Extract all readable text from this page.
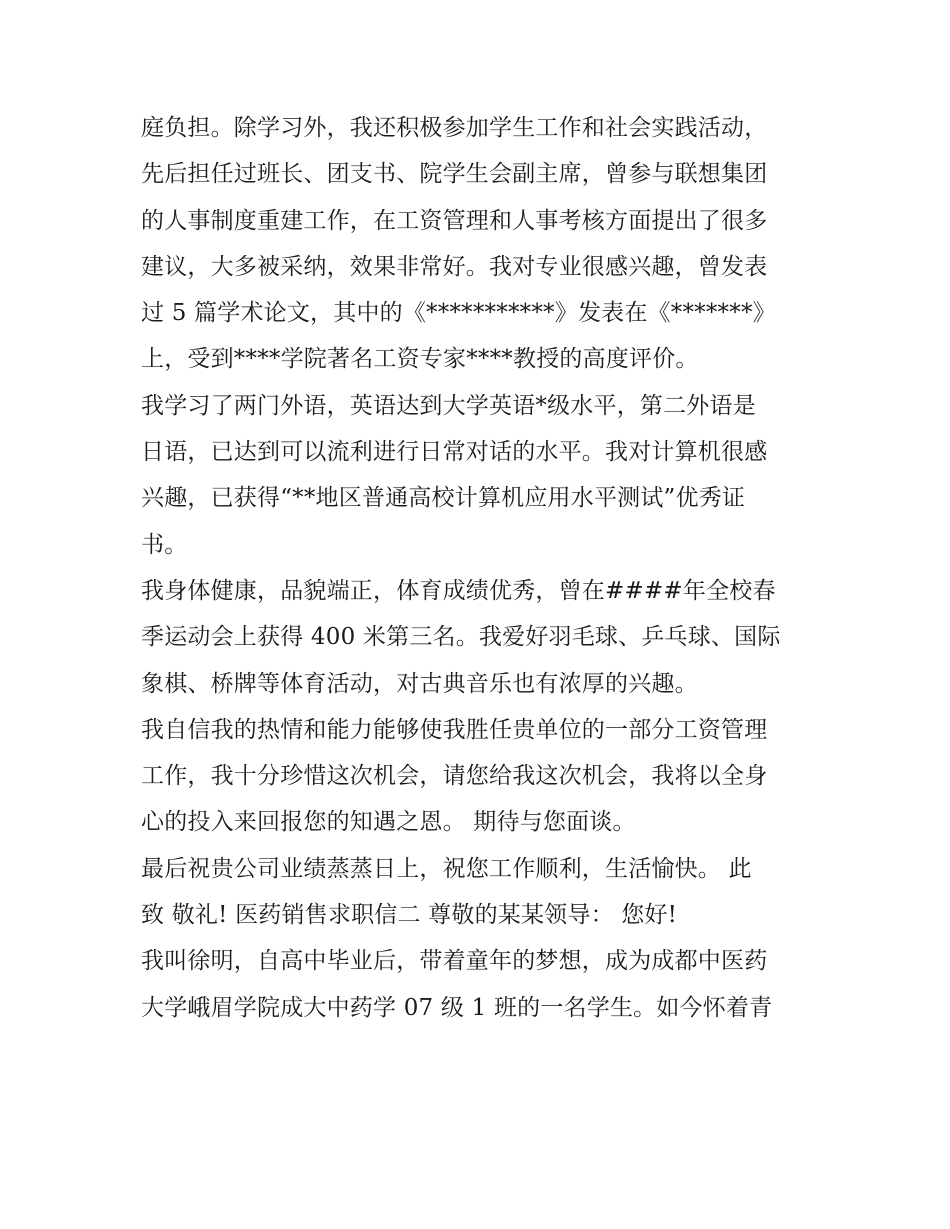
庭负担。除学习外，我还积极参加学生工作和社会实践活动，
先后担任过班长、团支书、院学生会副主席，曾参与联想集团
的人事制度重建工作，在工资管理和人事考核方面提出了很多
建议，大多被采纳，效果非常好。我对专业很感兴趣，曾发表
过 5 篇学术论文，其中的《***********》发表在《*******》
上，受到****学院著名工资专家****教授的高度评价。
我学习了两门外语，英语达到大学英语*级水平，第二外语是
日语，已达到可以流利进行日常对话的水平。我对计算机很感
兴趣，已获得“**地区普通高校计算机应用水平测试”优秀证
书。
我身体健康，品貌端正，体育成绩优秀，曾在####年全校春
季运动会上获得 400 米第三名。我爱好羽毛球、乒乓球、国际
象棋、桥牌等体育活动，对古典音乐也有浓厚的兴趣。
我自信我的热情和能力能够使我胜任贵单位的一部分工资管理
工作，我十分珍惜这次机会，请您给我这次机会，我将以全身
心的投入来回报您的知遇之恩。 期待与您面谈。
最后祝贵公司业绩蒸蒸日上，祝您工作顺利，生活愉快。 此
致 敬礼! 医药销售求职信二 尊敬的某某领导： 您好!
我叫徐明，自高中毕业后，带着童年的梦想，成为成都中医药
大学峨眉学院成大中药学 07 级 1 班的一名学生。如今怀着青
